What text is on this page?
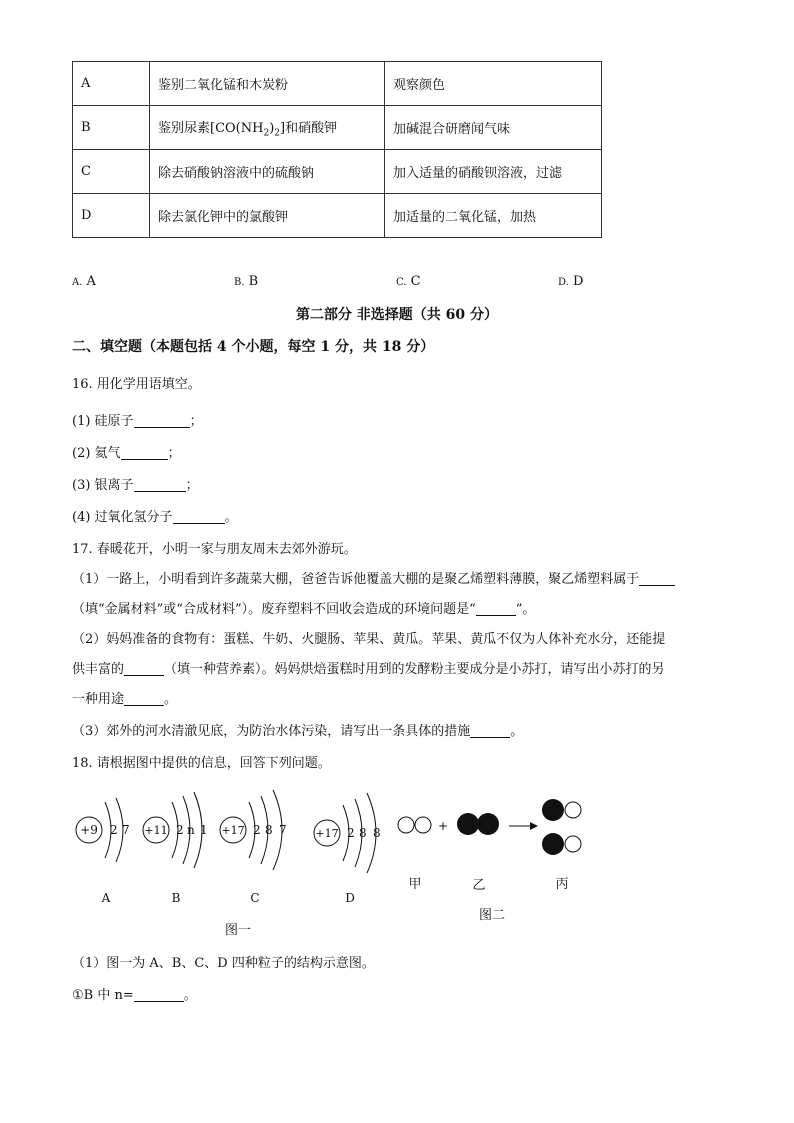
A	鉴别二氧化锰和木炭粉	观察颜色
B	鉴别尿素$[CO(NH_2)_2]$和硝酸钾	加碱混合研磨闻气味
C	除去硝酸钠溶液中的硫酸钠	加入适量的硝酸钡溶液，过滤
D	除去氯化钾中的氯酸钾	加适量的二氧化锰，加热
A. A	B. B	C. C	D. D
第二部分 非选择题（共 60 分）
二、填空题（本题包括 4 个小题，每空 1 分，共 18 分）
16. 用化学用语填空。
(1) 硅原子	；
(2) 氦气	；
(3) 银离子	；
(4) 过氧化氢分子	。
17. 春暖花开，小明一家与朋友周末去郊外游玩。
（1）一路上，小明看到许多蔬菜大棚，爸爸告诉他覆盖大棚的是聚乙烯塑料薄膜，聚乙烯塑料属于
（填“金属材料”或“合成材料”）。废弃塑料不回收会造成的环境问题是“	”。
（2）妈妈准备的食物有：蛋糕、牛奶、火腿肠、苹果、黄瓜。苹果、黄瓜不仅为人体补充水分，还能提
供丰富的	（填一种营养素）。妈妈烘焙蛋糕时用到的发酵粉主要成分是小苏打，请写出小苏打的另
一种用途	。
（3）郊外的河水清澈见底，为防治水体污染，请写出一条具体的措施	。
18. 请根据图中提供的信息，回答下列问题。
+9 2 7
A
+11 2 n 1
B
+17 2 8 7
C
+17 2 8 8
D
图一
+
甲	乙	丙
图二
（1）图一为 A、B、C、D 四种粒子的结构示意图。
①B 中 n=	。
